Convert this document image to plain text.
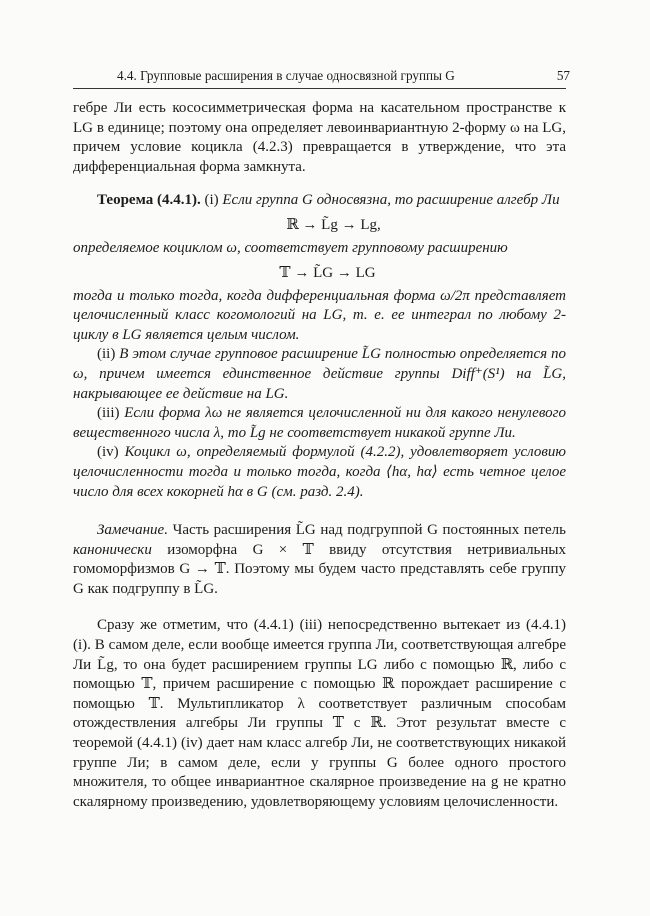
4.4. Групповые расширения в случае односвязной группы G	57

гебре Ли есть кососимметрическая форма на касательном пространстве к LG в единице; поэтому она определяет левоинвариантную 2-форму ω на LG, причем условие коцикла (4.2.3) превращается в утверждение, что эта дифференциальная форма замкнута.

Теорема (4.4.1). (i) Если группа G односвязна, то расширение алгебр Ли

ℝ → L̃g → Lg,

определяемое коциклом ω, соответствует групповому расширению

𝕋 → L̃G → LG

тогда и только тогда, когда дифференциальная форма ω/2π представляет целочисленный класс когомологий на LG, т. е. ее интеграл по любому 2-циклу в LG является целым числом.

(ii) В этом случае групповое расширение L̃G полностью определяется по ω, причем имеется единственное действие группы Diff⁺(S¹) на L̃G, накрывающее ее действие на LG.

(iii) Если форма λω не является целочисленной ни для какого ненулевого вещественного числа λ, то L̃g не соответствует никакой группе Ли.

(iv) Коцикл ω, определяемый формулой (4.2.2), удовлетворяет условию целочисленности тогда и только тогда, когда ⟨hα, hα⟩ есть четное целое число для всех кокорней hα в G (см. разд. 2.4).

Замечание. Часть расширения L̃G над подгруппой G постоянных петель канонически изоморфна G × 𝕋 ввиду отсутствия нетривиальных гомоморфизмов G → 𝕋. Поэтому мы будем часто представлять себе группу G как подгруппу в L̃G.

Сразу же отметим, что (4.4.1) (iii) непосредственно вытекает из (4.4.1) (i). В самом деле, если вообще имеется группа Ли, соответствующая алгебре Ли L̃g, то она будет расширением группы LG либо с помощью ℝ, либо с помощью 𝕋, причем расширение с помощью ℝ порождает расширение с помощью 𝕋. Мультипликатор λ соответствует различным способам отождествления алгебры Ли группы 𝕋 с ℝ. Этот результат вместе с теоремой (4.4.1) (iv) дает нам класс алгебр Ли, не соответствующих никакой группе Ли; в самом деле, если у группы G более одного простого множителя, то общее инвариантное скалярное произведение на g не кратно скалярному произведению, удовлетворяющему условиям целочисленности.
